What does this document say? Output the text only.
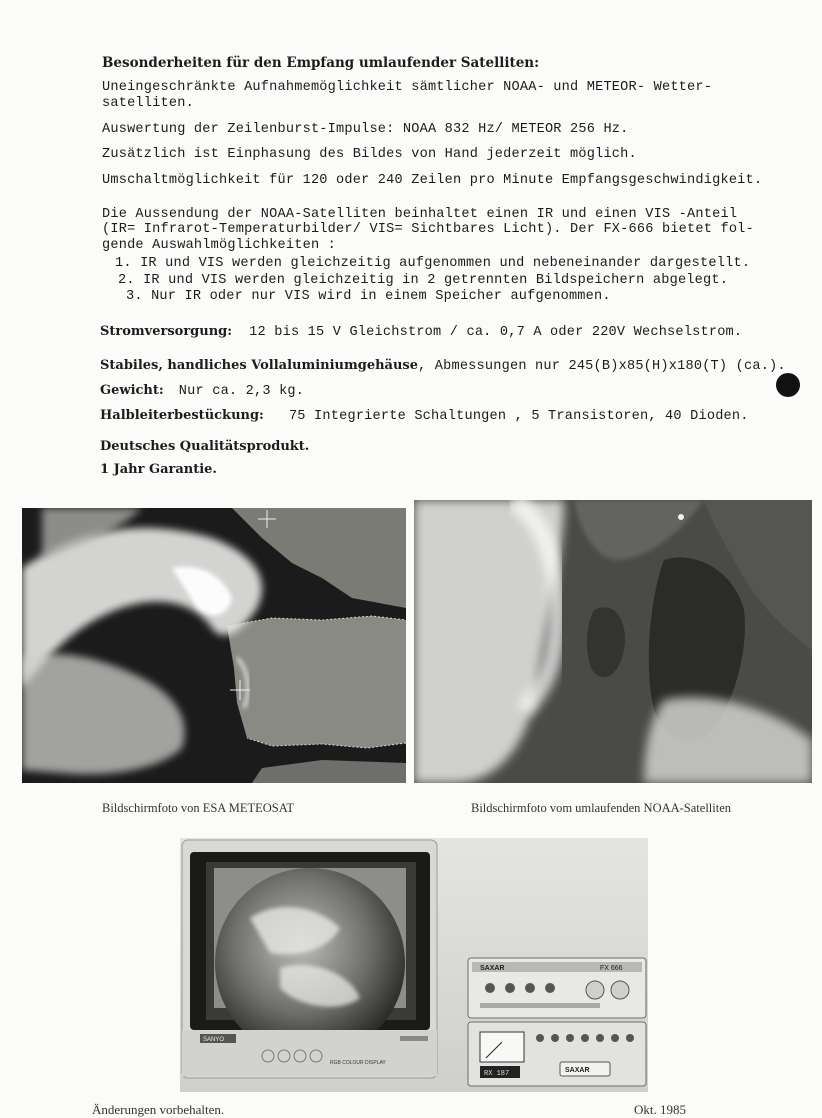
Besonderheiten für den Empfang umlaufender Satelliten:
Uneingeschränkte Aufnahmemöglichkeit sämtlicher NOAA- und METEOR- Wetter-
satelliten.
Auswertung der Zeilenburst-Impulse: NOAA 832 Hz/ METEOR 256 Hz.
Zusätzlich ist Einphasung des Bildes von Hand jederzeit möglich.
Umschaltmöglichkeit für 120 oder 240 Zeilen pro Minute Empfangsgeschwindigkeit.
Die Aussendung der NOAA-Satelliten beinhaltet einen IR und einen VIS -Anteil
(IR= Infrarot-Temperaturbilder/ VIS= Sichtbares Licht). Der FX-666 bietet fol-
gende Auswahlmöglichkeiten :
1. IR und VIS werden gleichzeitig aufgenommen und nebeneinander dargestellt.
2. IR und VIS werden gleichzeitig in 2 getrennten Bildspeichern abgelegt.
3. Nur IR oder nur VIS wird in einem Speicher aufgenommen.
Stromversorgung: 12 bis 15 V Gleichstrom / ca. 0,7 A oder 220V Wechselstrom.
Stabiles, handliches Vollaluminiumgehäuse, Abmessungen nur 245(B)x85(H)x180(T) (ca.).
Gewicht: Nur ca. 2,3 kg.
Halbleiterbestückung: 75 Integrierte Schaltungen , 5 Transistoren, 40 Dioden.
Deutsches Qualitätsprodukt.
1 Jahr Garantie.
Bildschirmfoto von ESA METEOSAT	Bildschirmfoto vom umlaufenden NOAA-Satelliten
SANYO
RGB COLOUR DISPLAY
SAXAR	FX 666
RX 187	SAXAR
Änderungen vorbehalten.	Okt. 1985
